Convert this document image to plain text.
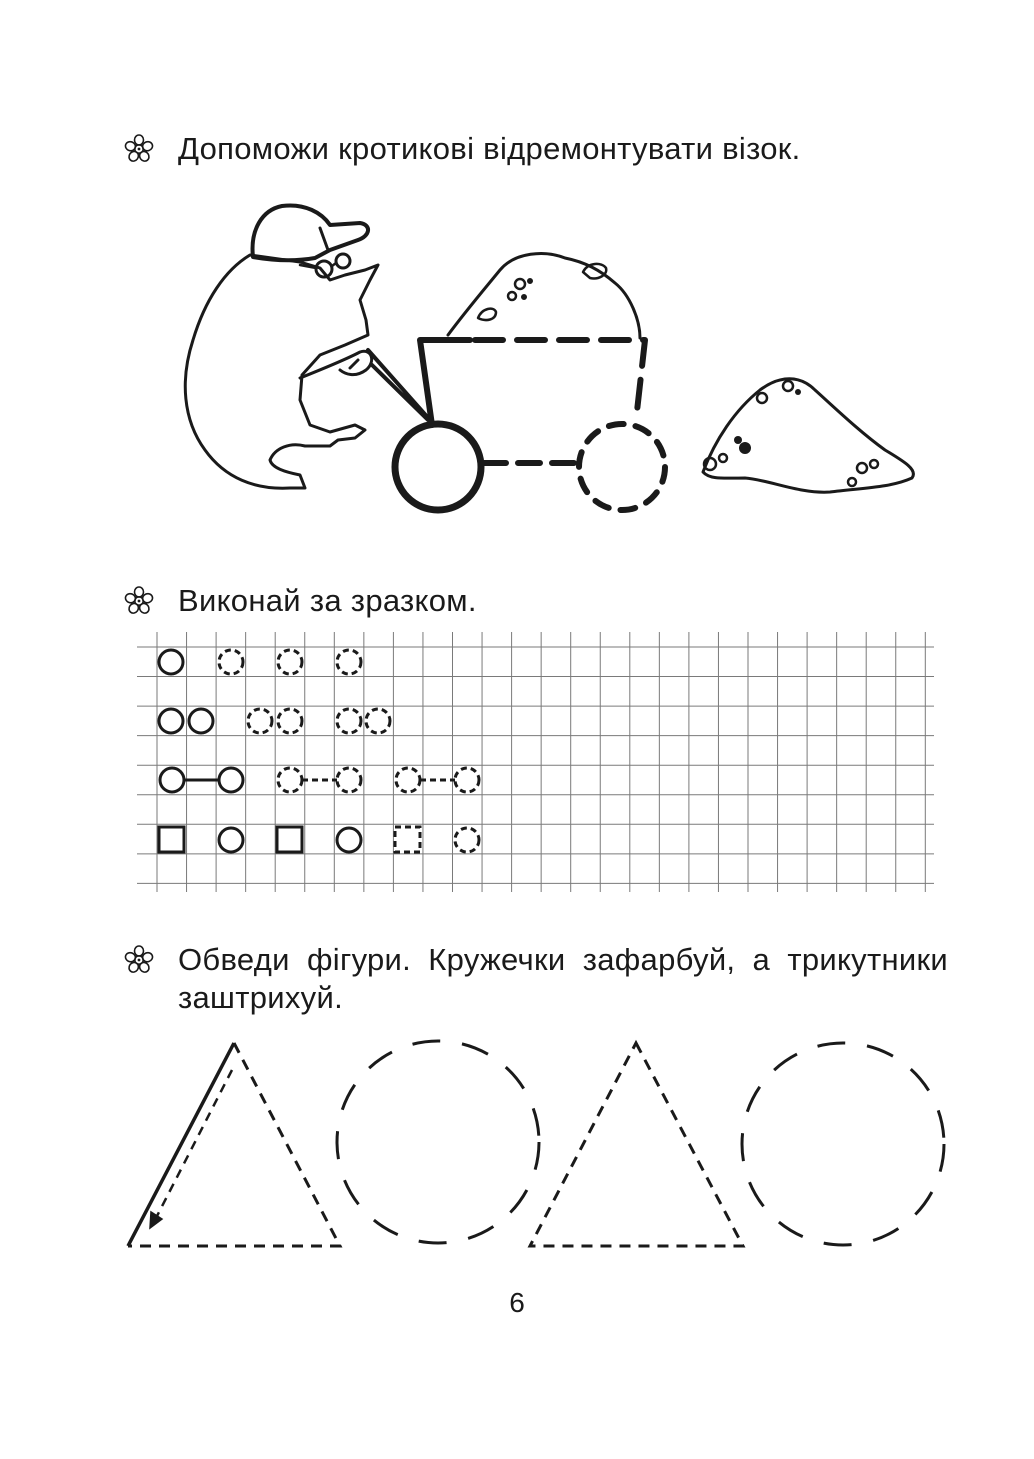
Допоможи кротикові відремонтувати візок.
Виконай за зразком.
Обведи фігури. Кружечки зафарбуй, а трикутники заштрихуй.
6
